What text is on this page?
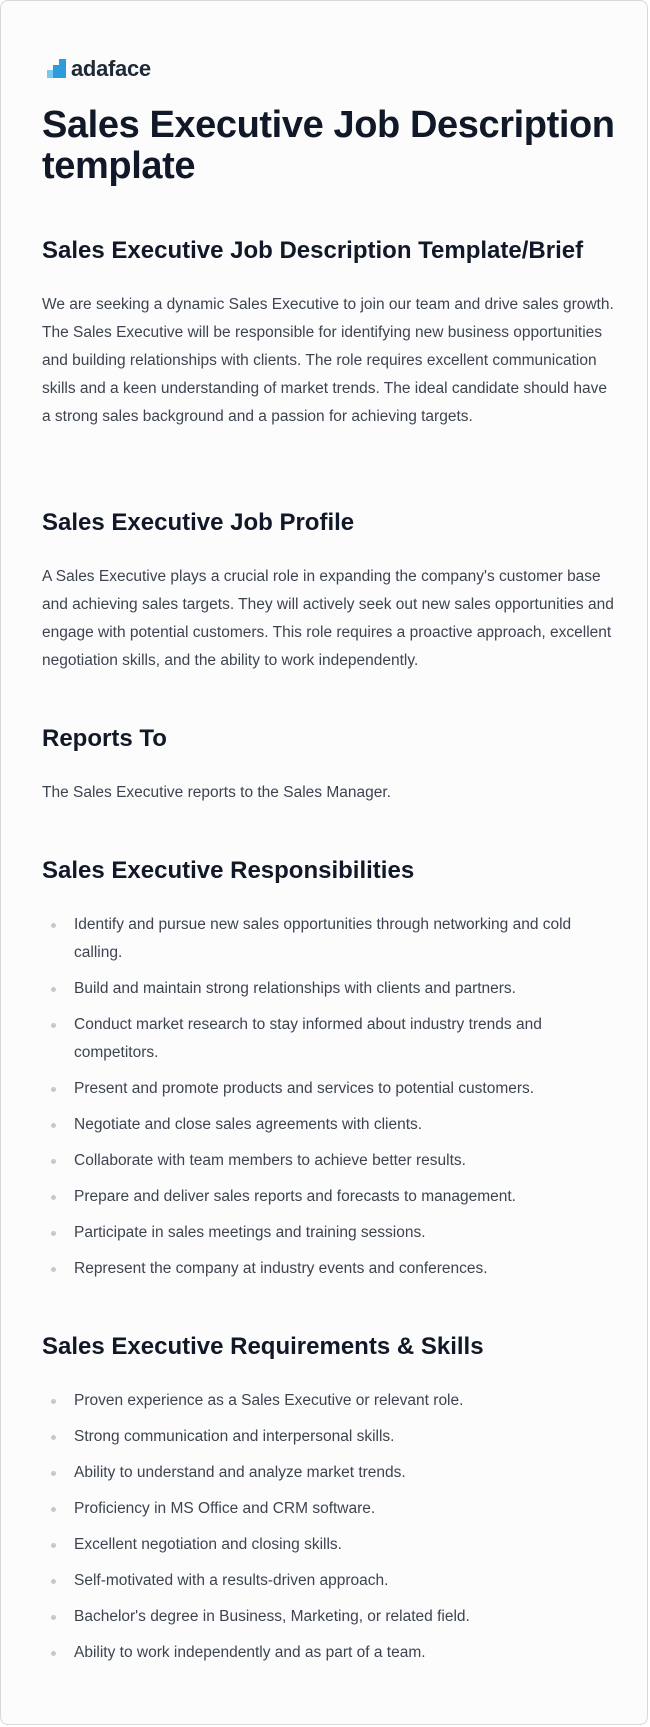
adaface
Sales Executive Job Description template
Sales Executive Job Description Template/Brief

We are seeking a dynamic Sales Executive to join our team and drive sales growth. The Sales Executive will be responsible for identifying new business opportunities and building relationships with clients. The role requires excellent communication skills and a keen understanding of market trends. The ideal candidate should have a strong sales background and a passion for achieving targets.

Sales Executive Job Profile

A Sales Executive plays a crucial role in expanding the company's customer base and achieving sales targets. They will actively seek out new sales opportunities and engage with potential customers. This role requires a proactive approach, excellent negotiation skills, and the ability to work independently.

Reports To

The Sales Executive reports to the Sales Manager.

Sales Executive Responsibilities
Identify and pursue new sales opportunities through networking and cold calling.
Build and maintain strong relationships with clients and partners.
Conduct market research to stay informed about industry trends and competitors.
Present and promote products and services to potential customers.
Negotiate and close sales agreements with clients.
Collaborate with team members to achieve better results.
Prepare and deliver sales reports and forecasts to management.
Participate in sales meetings and training sessions.
Represent the company at industry events and conferences.
Sales Executive Requirements & Skills
Proven experience as a Sales Executive or relevant role.
Strong communication and interpersonal skills.
Ability to understand and analyze market trends.
Proficiency in MS Office and CRM software.
Excellent negotiation and closing skills.
Self-motivated with a results-driven approach.
Bachelor's degree in Business, Marketing, or related field.
Ability to work independently and as part of a team.
